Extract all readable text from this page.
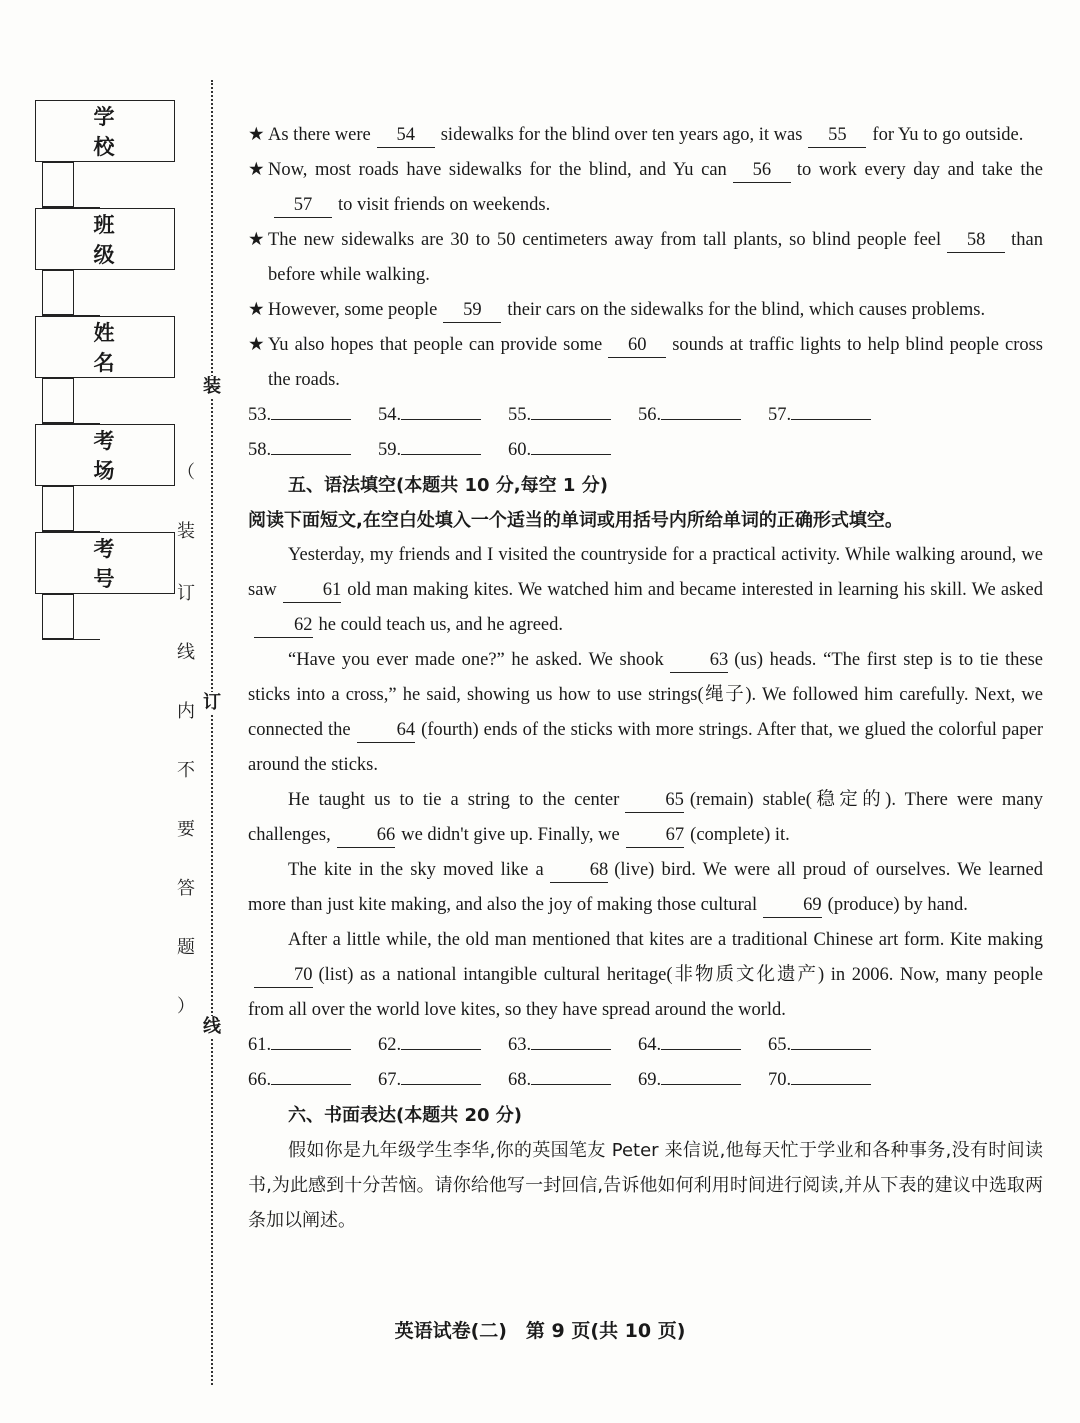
学 校
班 级
姓 名
考 场
考 号

装
订
线
（
装
订
线
内
不
要
答
题
）
★ As there were 54 sidewalks for the blind over ten years ago, it was 55 for Yu to go outside.
★ Now, most roads have sidewalks for the blind, and Yu can 56 to work every day and take the57 to visit friends on weekends.
★ The new sidewalks are 30 to 50 centimeters away from tall plants, so blind people feel 58 than before while walking.
★ However, some people 59 their cars on the sidewalks for the blind, which causes problems.
★ Yu also hopes that people can provide some 60 sounds at traffic lights to help blind people cross the roads.
53.	54.	55.	56.	57.
58.	59.	60.
五、语法填空(本题共 10 分,每空 1 分)
阅读下面短文,在空白处填入一个适当的单词或用括号内所给单词的正确形式填空。

Yesterday, my friends and I visited the countryside for a practical activity. While walking around, we saw 61 old man making kites. We watched him and became interested in learning his skill. We asked62 he could teach us, and he agreed.

“Have you ever made one?” he asked. We shook 63 (us) heads. “The first step is to tie these sticks into a cross,” he said, showing us how to use strings(绳子). We followed him carefully. Next, we connected the 64 (fourth) ends of the sticks with more strings. After that, we glued the colorful paper around the sticks.

He taught us to tie a string to the center 65 (remain) stable(稳定的). There were many challenges, 66 we didn't give up. Finally, we 67 (complete) it.

The kite in the sky moved like a 68 (live) bird. We were all proud of ourselves. We learned more than just kite making, and also the joy of making those cultural 69 (produce) by hand.

After a little while, the old man mentioned that kites are a traditional Chinese art form. Kite making70 (list) as a national intangible cultural heritage(非物质文化遗产) in 2006. Now, many people from all over the world love kites, so they have spread around the world.

61.	62.	63.	64.	65.
66.	67.	68.	69.	70.
六、书面表达(本题共 20 分)

假如你是九年级学生李华,你的英国笔友 Peter 来信说,他每天忙于学业和各种事务,没有时间读书,为此感到十分苦恼。请你给他写一封回信,告诉他如何利用时间进行阅读,并从下表的建议中选取两条加以阐述。

英语试卷(二)　第 9 页(共 10 页)
